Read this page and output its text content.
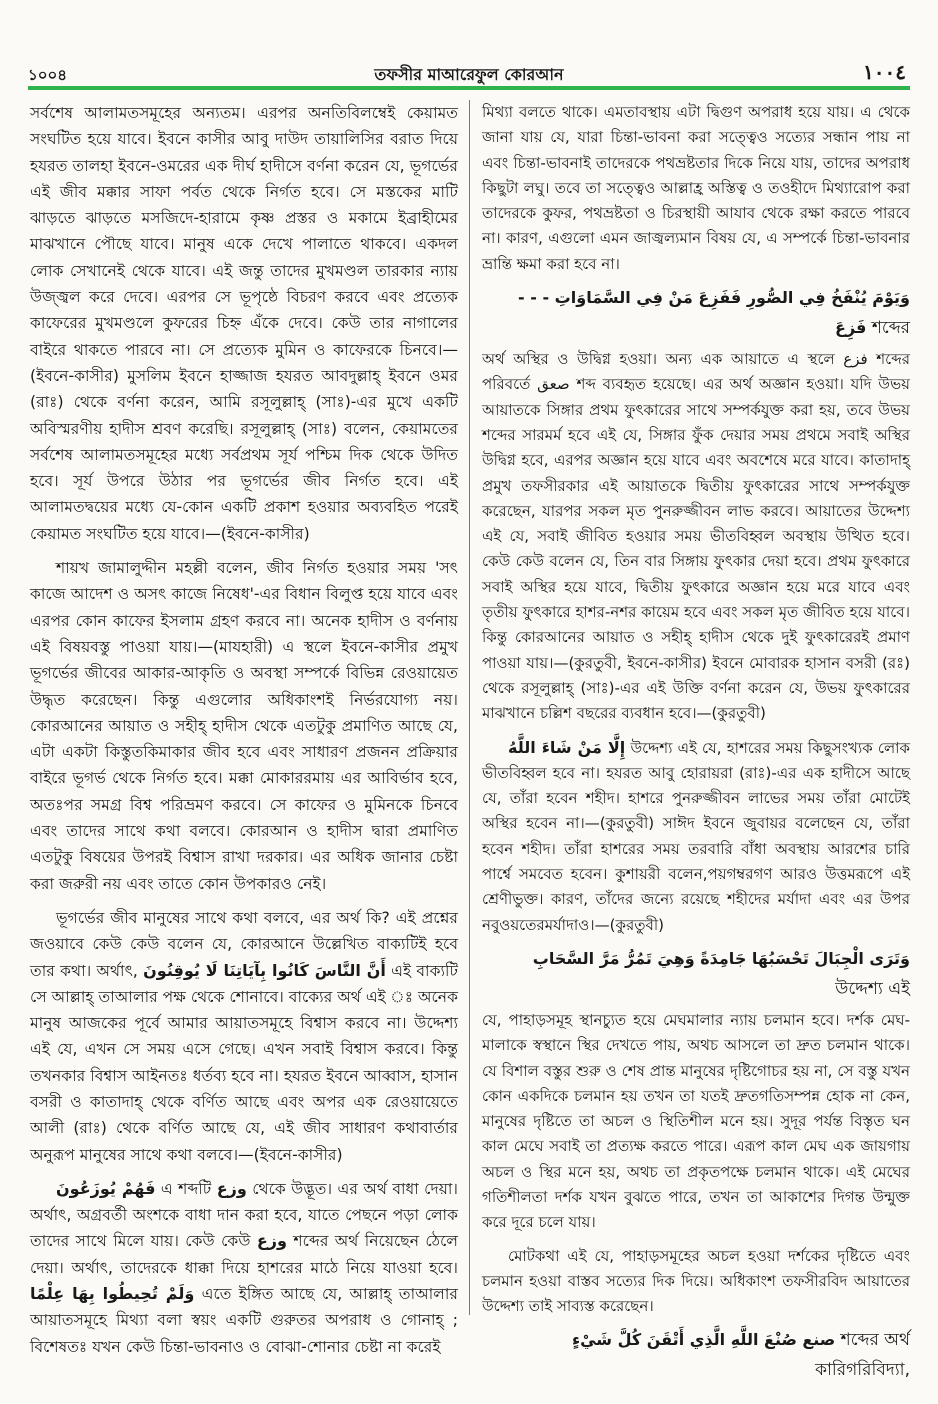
১০০৪	তফসীর মাআরেফুল কোরআন	١٠٠٤

সর্বশেষ আলামতসমূহের অন্যতম। এরপর অনতিবিলম্বেই কেয়ামত সংঘটিত হয়ে যাবে। ইবনে কাসীর আবু দাউদ তায়ালিসির বরাত দিয়ে হযরত তালহা ইবনে-ওমরের এক দীর্ঘ হাদীসে বর্ণনা করেন যে, ভূগর্ভের এই জীব মক্কার সাফা পর্বত থেকে নির্গত হবে। সে মস্তকের মাটি ঝাড়তে ঝাড়তে মসজিদে-হারামে কৃষ্ণ প্রস্তর ও মকামে ইব্রাহীমের মাঝখানে পৌছে যাবে। মানুষ একে দেখে পালাতে থাকবে। একদল লোক সেখানেই থেকে যাবে। এই জন্তু তাদের মুখমণ্ডল তারকার ন্যায় উজ্জ্বল করে দেবে। এরপর সে ভূপৃষ্ঠে বিচরণ করবে এবং প্রত্যেক কাফেরের মুখমণ্ডলে কুফরের চিহ্ন এঁকে দেবে। কেউ তার নাগালের বাইরে থাকতে পারবে না। সে প্রত্যেক মুমিন ও কাফেরকে চিনবে।—(ইবনে-কাসীর) মুসলিম ইবনে হাজ্জাজ হযরত আবদুল্লাহ্ ইবনে ওমর (রাঃ) থেকে বর্ণনা করেন, আমি রসূলুল্লাহ্ (সাঃ)-এর মুখে একটি অবিস্মরণীয় হাদীস শ্রবণ করেছি। রসূলুল্লাহ্ (সাঃ) বলেন, কেয়ামতের সর্বশেষ আলামতসমূহের মধ্যে সর্বপ্রথম সূর্য পশ্চিম দিক থেকে উদিত হবে। সূর্য উপরে উঠার পর ভূগর্ভের জীব নির্গত হবে। এই আলামতদ্বয়ের মধ্যে যে-কোন একটি প্রকাশ হওয়ার অব্যবহিত পরেই কেয়ামত সংঘটিত হয়ে যাবে।—(ইবনে-কাসীর)

শায়খ জামালুদ্দীন মহল্লী বলেন, জীব নির্গত হওয়ার সময় 'সৎ কাজে আদেশ ও অসৎ কাজে নিষেধ'-এর বিধান বিলুপ্ত হয়ে যাবে এবং এরপর কোন কাফের ইসলাম গ্রহণ করবে না। অনেক হাদীস ও বর্ণনায় এই বিষয়বস্তু পাওয়া যায়।—(মাযহারী) এ স্থলে ইবনে-কাসীর প্রমুখ ভূগর্ভের জীবের আকার-আকৃতি ও অবস্থা সম্পর্কে বিভিন্ন রেওয়ায়েত উদ্ধৃত করেছেন। কিন্তু এগুলোর অধিকাংশই নির্ভরযোগ্য নয়। কোরআনের আয়াত ও সহীহ্ হাদীস থেকে এতটুকু প্রমাণিত আছে যে, এটা একটা কিস্তুতকিমাকার জীব হবে এবং সাধারণ প্রজনন প্রক্রিয়ার বাইরে ভূগর্ভ থেকে নির্গত হবে। মক্কা মোকাররমায় এর আবির্ভাব হবে, অতঃপর সমগ্র বিশ্ব পরিভ্রমণ করবে। সে কাফের ও মুমিনকে চিনবে এবং তাদের সাথে কথা বলবে। কোরআন ও হাদীস দ্বারা প্রমাণিত এতটুকু বিষয়ের উপরই বিশ্বাস রাখা দরকার। এর অধিক জানার চেষ্টা করা জরুরী নয় এবং তাতে কোন উপকারও নেই।

ভূগর্ভের জীব মানুষের সাথে কথা বলবে, এর অর্থ কি? এই প্রশ্নের জওয়াবে কেউ কেউ বলেন যে, কোরআনে উল্লেখিত বাক্যটিই হবে তার কথা। অর্থাৎ, أَنَّ النَّاسَ كَانُوا بِآيَاتِنَا لَا يُوقِنُونَ এই বাক্যটি সে আল্লাহ্ তাআলার পক্ষ থেকে শোনাবে। বাক্যের অর্থ এই ঃ অনেক মানুষ আজকের পূর্বে আমার আয়াতসমূহে বিশ্বাস করবে না। উদ্দেশ্য এই যে, এখন সে সময় এসে গেছে। এখন সবাই বিশ্বাস করবে। কিন্তু তখনকার বিশ্বাস আইনতঃ ধর্তব্য হবে না। হযরত ইবনে আব্বাস, হাসান বসরী ও কাতাদাহ্ থেকে বর্ণিত আছে এবং অপর এক রেওয়ায়েতে আলী (রাঃ) থেকে বর্ণিত আছে যে, এই জীব সাধারণ কথাবার্তার অনুরূপ মানুষের সাথে কথা বলবে।—(ইবনে-কাসীর)

فَهُمْ يُوزَعُونَ এ শব্দটি وزع থেকে উদ্ভূত। এর অর্থ বাধা দেয়া। অর্থাৎ, অগ্রবর্তী অংশকে বাধা দান করা হবে, যাতে পেছনে পড়া লোক তাদের সাথে মিলে যায়। কেউ কেউ وزع শব্দের অর্থ নিয়েছেন ঠেলে দেয়া। অর্থাৎ, তাদেরকে ধাক্কা দিয়ে হাশরের মাঠে নিয়ে যাওয়া হবে। وَلَمْ تُحِيطُوا بِهَا عِلْمًا এতে ইঙ্গিত আছে যে, আল্লাহ্ তাআলার আয়াতসমূহে মিথ্যা বলা স্বয়ং একটি গুরুতর অপরাধ ও গোনাহ্ ; বিশেষতঃ যখন কেউ চিন্তা-ভাবনাও ও বোঝা-শোনার চেষ্টা না করেই

মিথ্যা বলতে থাকে। এমতাবস্থায় এটা দ্বিগুণ অপরাধ হয়ে যায়। এ থেকে জানা যায় যে, যারা চিন্তা-ভাবনা করা সত্ত্বেও সত্যের সন্ধান পায় না এবং চিন্তা-ভাবনাই তাদেরকে পথভ্রষ্টতার দিকে নিয়ে যায়, তাদের অপরাধ কিছুটা লঘু। তবে তা সত্ত্বেও আল্লাহ্র অস্তিত্ব ও তওহীদে মিথ্যারোপ করা তাদেরকে কুফর, পথভ্রষ্টতা ও চিরস্থায়ী আযাব থেকে রক্ষা করতে পারবে না। কারণ, এগুলো এমন জাজ্বল্যমান বিষয় যে, এ সম্পর্কে চিন্তা-ভাবনার ভ্রান্তি ক্ষমা করা হবে না।

وَيَوْمَ يُنْفَخُ فِي الصُّورِ فَفَزِعَ مَنْ فِي السَّمَاوَاتِ - - - فَزِعَ শব্দের

অর্থ অস্থির ও উদ্বিগ্ন হওয়া। অন্য এক আয়াতে এ স্থলে فزع শব্দের পরিবর্তে صعق শব্দ ব্যবহৃত হয়েছে। এর অর্থ অজ্ঞান হওয়া। যদি উভয় আয়াতকে সিঙ্গার প্রথম ফুৎকারের সাথে সম্পর্কযুক্ত করা হয়, তবে উভয় শব্দের সারমর্ম হবে এই যে, সিঙ্গার ফুঁক দেয়ার সময় প্রথমে সবাই অস্থির উদ্বিগ্ন হবে, এরপর অজ্ঞান হয়ে যাবে এবং অবশেষে মরে যাবে। কাতাদাহ্ প্রমুখ তফসীরকার এই আয়াতকে দ্বিতীয় ফুৎকারের সাথে সম্পর্কযুক্ত করেছেন, যারপর সকল মৃত পুনরুজ্জীবন লাভ করবে। আয়াতের উদ্দেশ্য এই যে, সবাই জীবিত হওয়ার সময় ভীতবিহ্বল অবস্থায় উত্থিত হবে। কেউ কেউ বলেন যে, তিন বার সিঙ্গায় ফুৎকার দেয়া হবে। প্রথম ফুৎকারে সবাই অস্থির হয়ে যাবে, দ্বিতীয় ফুৎকারে অজ্ঞান হয়ে মরে যাবে এবং তৃতীয় ফুৎকারে হাশর-নশর কায়েম হবে এবং সকল মৃত জীবিত হয়ে যাবে। কিন্তু কোরআনের আয়াত ও সহীহ্ হাদীস থেকে দুই ফুৎকারেরই প্রমাণ পাওয়া যায়।—(কুরতুবী, ইবনে-কাসীর) ইবনে মোবারক হাসান বসরী (রঃ) থেকে রসূলুল্লাহ্ (সাঃ)-এর এই উক্তি বর্ণনা করেন যে, উভয় ফুৎকারের মাঝখানে চল্লিশ বছরের ব্যবধান হবে।—(কুরতুবী)

إِلَّا مَنْ شَاءَ اللَّهُ উদ্দেশ্য এই যে, হাশরের সময় কিছুসংখ্যক লোক ভীতবিহ্বল হবে না। হযরত আবু হোরায়রা (রাঃ)-এর এক হাদীসে আছে যে, তাঁরা হবেন শহীদ। হাশরে পুনরুজ্জীবন লাভের সময় তাঁরা মোটেই অস্থির হবেন না।—(কুরতুবী) সাঈদ ইবনে জুবায়র বলেছেন যে, তাঁরা হবেন শহীদ। তাঁরা হাশরের সময় তরবারি বাঁধা অবস্থায় আরশের চারি পার্শ্বে সমবেত হবেন। কুশায়রী বলেন,পয়গম্বরগণ আরও উত্তমরূপে এই শ্রেণীভুক্ত। কারণ, তাঁদের জন্যে রয়েছে শহীদের মর্যাদা এবং এর উপর নবুওয়তেরমর্যাদাও।—(কুরতুবী)

وَتَرَى الْجِبَالَ تَحْسَبُهَا جَامِدَةً وَهِيَ تَمُرُّ مَرَّ السَّحَابِ উদ্দেশ্য এই

যে, পাহাড়সমূহ স্থানচ্যুত হয়ে মেঘমালার ন্যায় চলমান হবে। দর্শক মেঘ-মালাকে স্বস্থানে স্থির দেখতে পায়, অথচ আসলে তা দ্রুত চলমান থাকে। যে বিশাল বস্তুর শুরু ও শেষ প্রান্ত মানুষের দৃষ্টিগোচর হয় না, সে বস্তু যখন কোন একদিকে চলমান হয় তখন তা যতই দ্রুতগতিসম্পন্ন হোক না কেন, মানুষের দৃষ্টিতে তা অচল ও স্থিতিশীল মনে হয়। সুদূর পর্যন্ত বিস্তৃত ঘন কাল মেঘে সবাই তা প্রত্যক্ষ করতে পারে। এরূপ কাল মেঘ এক জায়গায় অচল ও স্থির মনে হয়, অথচ তা প্রকৃতপক্ষে চলমান থাকে। এই মেঘের গতিশীলতা দর্শক যখন বুঝতে পারে, তখন তা আকাশের দিগন্ত উন্মুক্ত করে দূরে চলে যায়।

মোটকথা এই যে, পাহাড়সমূহের অচল হওয়া দর্শকের দৃষ্টিতে এবং চলমান হওয়া বাস্তব সত্যের দিক দিয়ে। অধিকাংশ তফসীরবিদ আয়াতের উদ্দেশ্য তাই সাব্যস্ত করেছেন।

صُنْعَ اللَّهِ الَّذِي أَتْقَنَ كُلَّ شَيْءٍ صنع শব্দের অর্থ কারিগরিবিদ্যা,
